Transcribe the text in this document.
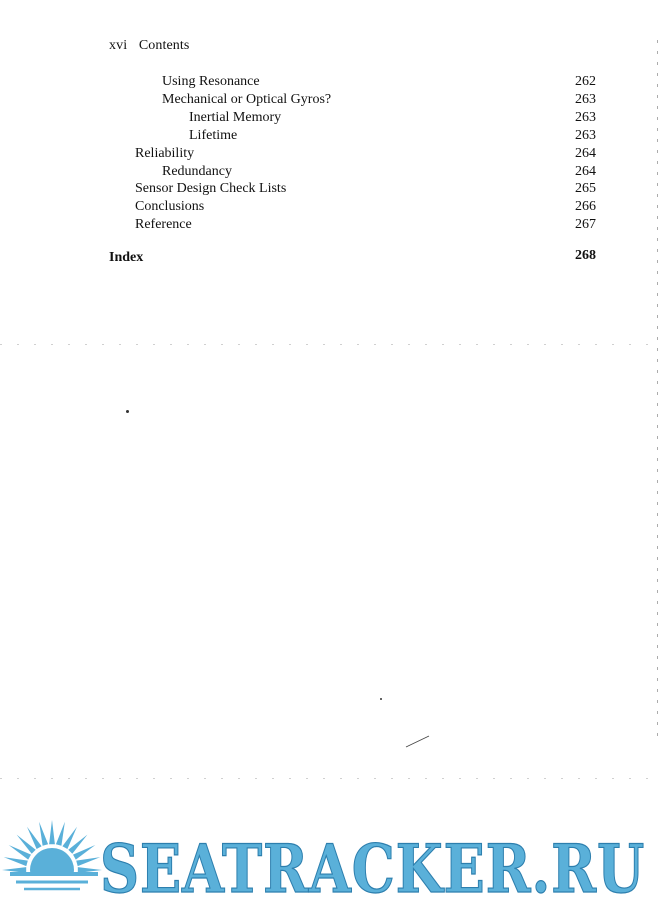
xvi Contents
Using Resonance	262
Mechanical or Optical Gyros?	263
Inertial Memory	263
Lifetime	263
Reliability	264
Redundancy	264
Sensor Design Check Lists	265
Conclusions	266
Reference	267
Index	268
SEATRACKER.RU
